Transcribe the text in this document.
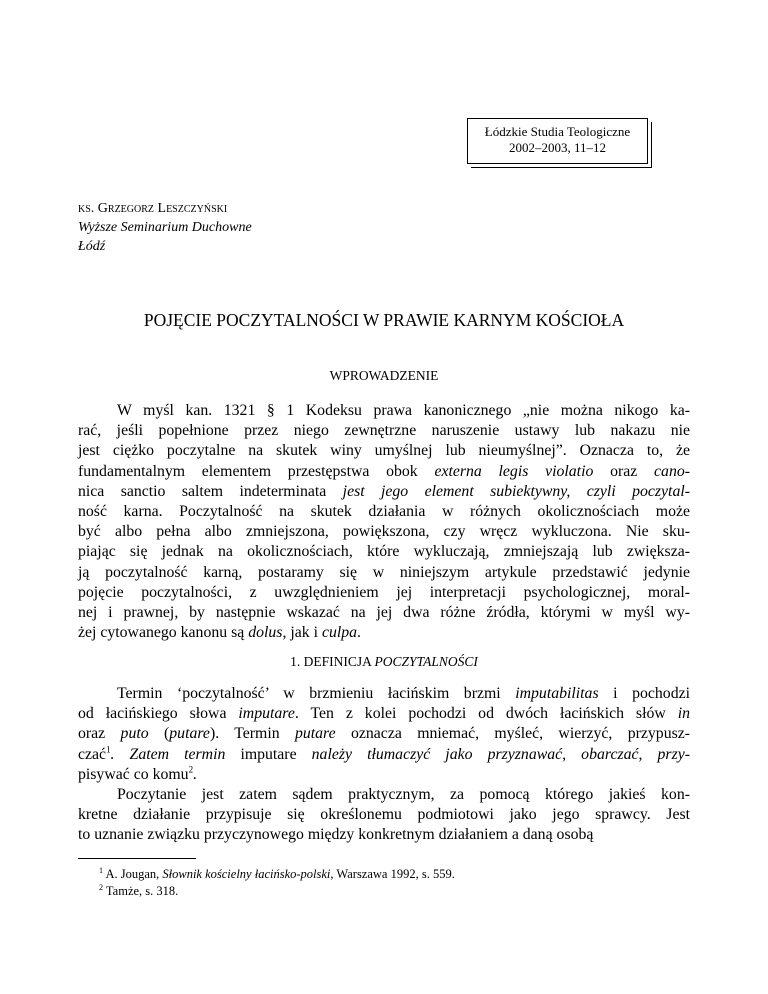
Łódzkie Studia Teologiczne
2002–2003, 11–12
ks. Grzegorz Leszczyński
Wyższe Seminarium Duchowne
Łódź
POJĘCIE POCZYTALNOŚCI W PRAWIE KARNYM KOŚCIOŁA
WPROWADZENIE
W myśl kan. 1321 § 1 Kodeksu prawa kanonicznego „nie można nikogo ka-
rać, jeśli popełnione przez niego zewnętrzne naruszenie ustawy lub nakazu nie
jest ciężko poczytalne na skutek winy umyślnej lub nieumyślnej”. Oznacza to, że
fundamentalnym elementem przestępstwa obok externa legis violatio oraz cano-
nica sanctio saltem indeterminata jest jego element subiektywny, czyli poczytal-
ność karna. Poczytalność na skutek działania w różnych okolicznościach może
być albo pełna albo zmniejszona, powiększona, czy wręcz wykluczona. Nie sku-
piając się jednak na okolicznościach, które wykluczają, zmniejszają lub zwiększa-
ją poczytalność karną, postaramy się w niniejszym artykule przedstawić jedynie
pojęcie poczytalności, z uwzględnieniem jej interpretacji psychologicznej, moral-
nej i prawnej, by następnie wskazać na jej dwa różne źródła, którymi w myśl wy-
żej cytowanego kanonu są dolus, jak i culpa.
1. DEFINICJA POCZYTALNOŚCI
Termin ‘poczytalność’ w brzmieniu łacińskim brzmi imputabilitas i pochodzi
od łacińskiego słowa imputare. Ten z kolei pochodzi od dwóch łacińskich słów in
oraz puto (putare). Termin putare oznacza mniemać, myśleć, wierzyć, przypusz-
czać$^1$. Zatem termin imputare należy tłumaczyć jako przyznawać, obarczać, przy-
pisywać co komu$^2$.
Poczytanie jest zatem sądem praktycznym, za pomocą którego jakieś kon-
kretne działanie przypisuje się określonemu podmiotowi jako jego sprawcy. Jest
to uznanie związku przyczynowego między konkretnym działaniem a daną osobą
$^1$ A. Jougan, Słownik kościelny łacińsko-polski, Warszawa 1992, s. 559.
$^2$ Tamże, s. 318.
